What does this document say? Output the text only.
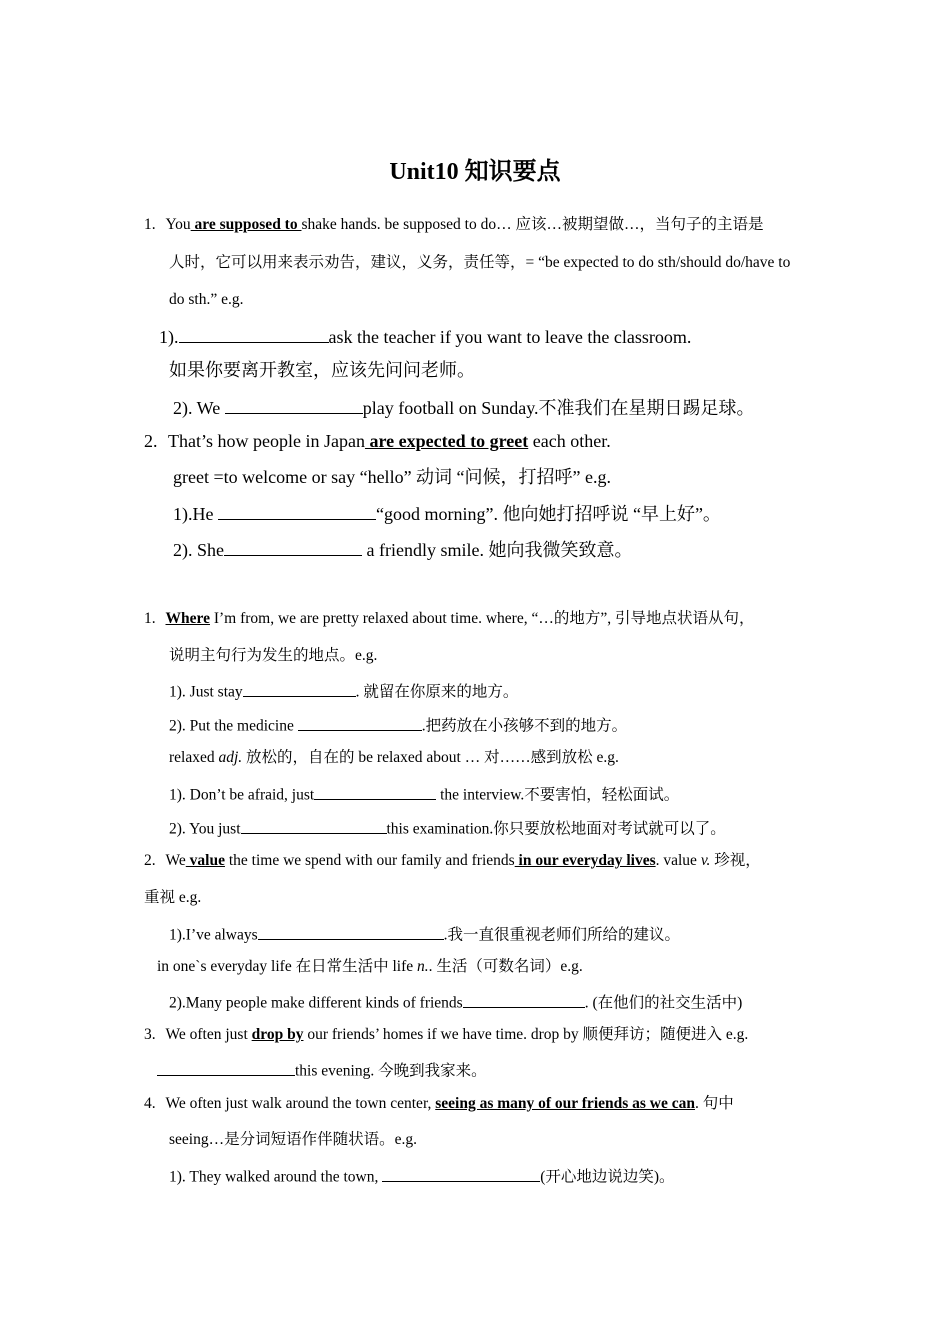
Unit10 知识要点
1. You are supposed to shake hands. be supposed to do… 应该…被期望做…，当句子的主语是
人时，它可以用来表示劝告，建议，义务，责任等，= “be expected to do sth/should do/have to
do sth.” e.g.
1).	ask the teacher if you want to leave the classroom.
如果你要离开教室，应该先问问老师。
2). We	play football on Sunday.不准我们在星期日踢足球。
2. That’s how people in Japan are expected to greet each other.
greet =to welcome or say “hello” 动词 “问候，打招呼” e.g.
1).He	“good morning”. 他向她打招呼说 “早上好”。
2). She	a friendly smile. 她向我微笑致意。
1. Where I’m from, we are pretty relaxed about time. where, “…的地方”, 引导地点状语从句，
说明主句行为发生的地点。e.g.
1). Just stay	. 就留在你原来的地方。
2). Put the medicine	.把药放在小孩够不到的地方。
relaxed adj. 放松的，自在的 be relaxed about … 对……感到放松 e.g.
1). Don’t be afraid, just	the interview.不要害怕，轻松面试。
2). You just	this examination.你只要放松地面对考试就可以了。
2. We value the time we spend with our family and friends in our everyday lives. value v. 珍视，
重视 e.g.
1).I’ve always	.我一直很重视老师们所给的建议。
in one`s everyday life 在日常生活中 life n.. 生活（可数名词）e.g.
2).Many people make different kinds of friends	. (在他们的社交生活中)
3. We often just drop by our friends’ homes if we have time. drop by 顺便拜访；随便进入 e.g.
this evening. 今晚到我家来。
4. We often just walk around the town center, seeing as many of our friends as we can. 句中
seeing…是分词短语作伴随状语。e.g.
1). They walked around the town,	(开心地边说边笑)。
